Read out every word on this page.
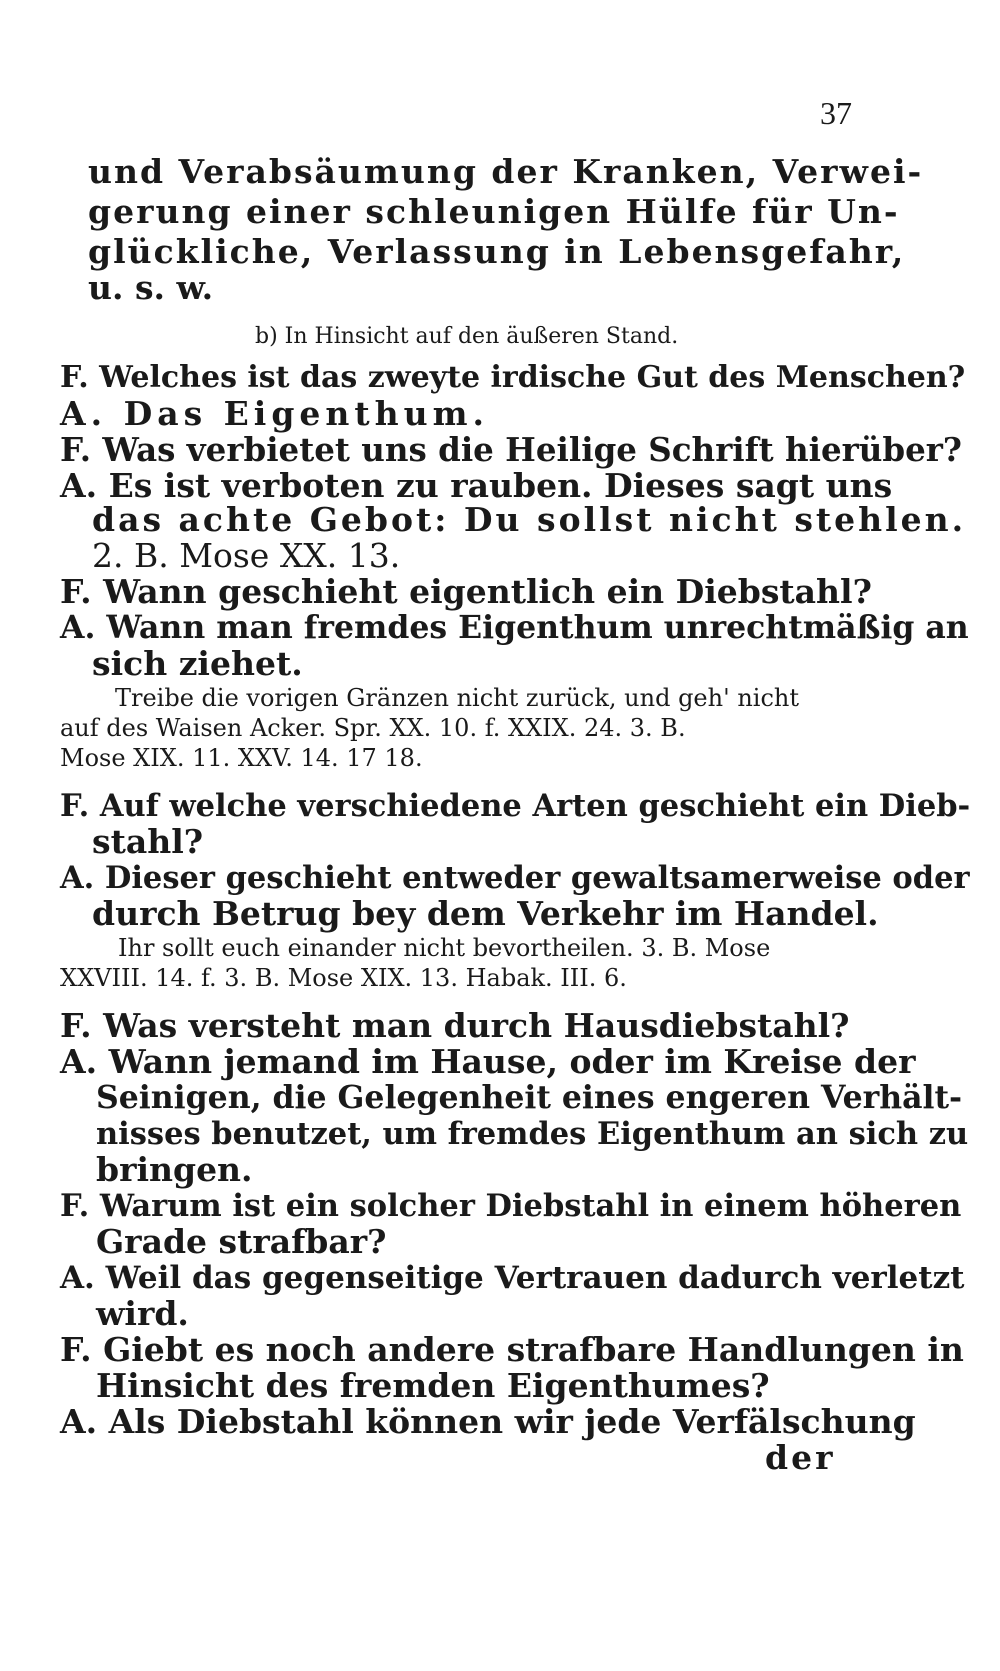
37
und Verabsäumung der Kranken, Verwei-
gerung einer schleunigen Hülfe für Un-
glückliche, Verlassung in Lebensgefahr,
u. s. w.
b) In Hinsicht auf den äußeren Stand.
F. Welches ist das zweyte irdische Gut des Menschen?
A. Das Eigenthum.
F. Was verbietet uns die Heilige Schrift hierüber?
A. Es ist verboten zu rauben. Dieses sagt uns
das achte Gebot: Du sollst nicht stehlen.
2. B. Mose XX. 13.
F. Wann geschieht eigentlich ein Diebstahl?
A. Wann man fremdes Eigenthum unrechtmäßig an
sich ziehet.
Treibe die vorigen Gränzen nicht zurück, und geh' nicht
auf des Waisen Acker. Spr. XX. 10. f. XXIX. 24. 3. B.
Mose XIX. 11. XXV. 14. 17 18.
F. Auf welche verschiedene Arten geschieht ein Dieb-
stahl?
A. Dieser geschieht entweder gewaltsamerweise oder
durch Betrug bey dem Verkehr im Handel.
Ihr sollt euch einander nicht bevortheilen. 3. B. Mose
XXVIII. 14. f. 3. B. Mose XIX. 13. Habak. III. 6.
F. Was versteht man durch Hausdiebstahl?
A. Wann jemand im Hause, oder im Kreise der
Seinigen, die Gelegenheit eines engeren Verhält-
nisses benutzet, um fremdes Eigenthum an sich zu
bringen.
F. Warum ist ein solcher Diebstahl in einem höheren
Grade strafbar?
A. Weil das gegenseitige Vertrauen dadurch verletzt
wird.
F. Giebt es noch andere strafbare Handlungen in
Hinsicht des fremden Eigenthumes?
A. Als Diebstahl können wir jede Verfälschung
der
